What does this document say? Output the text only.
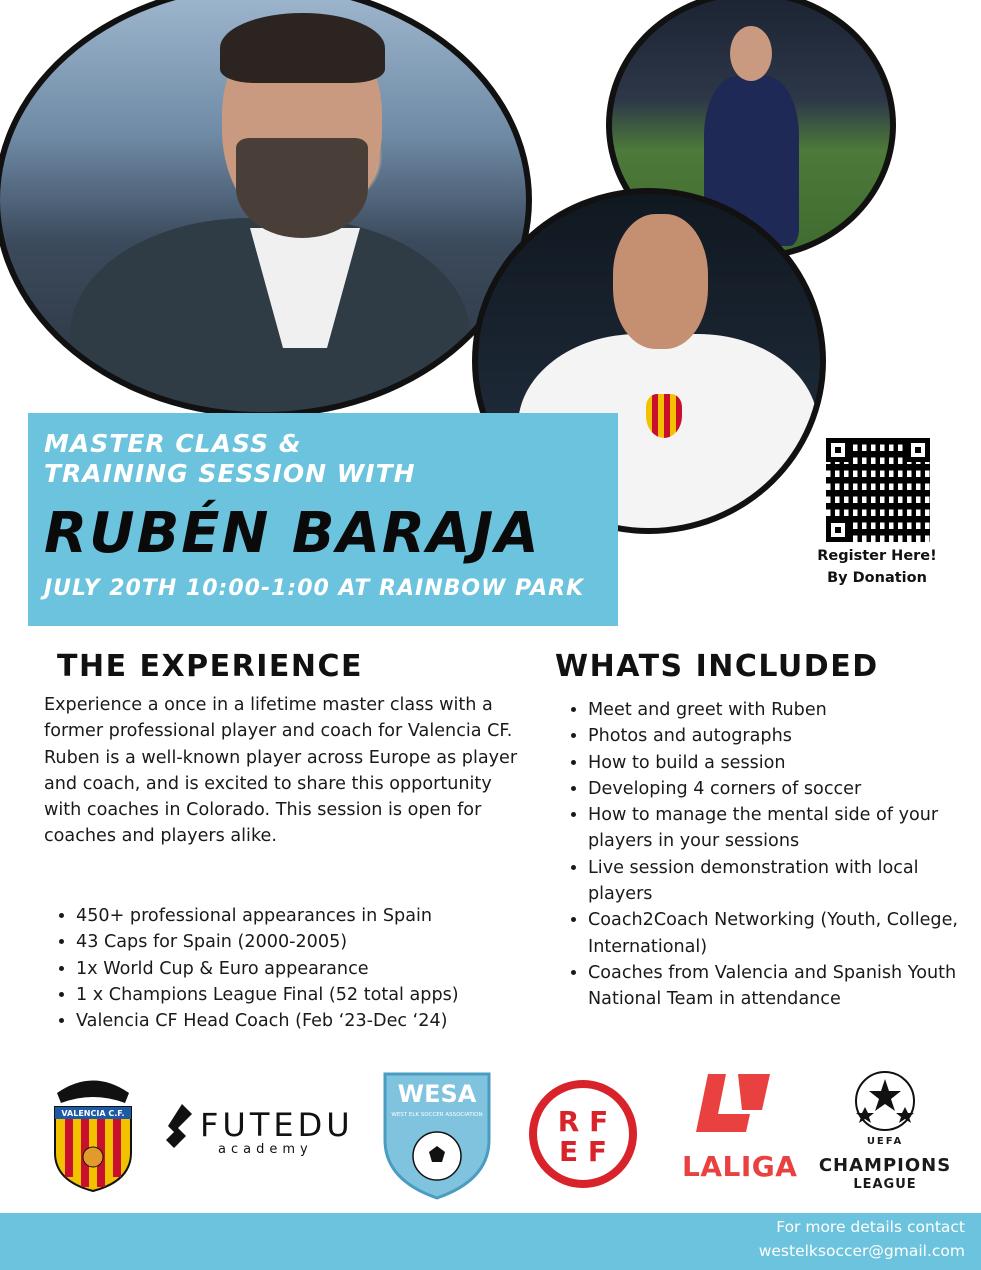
MASTER CLASS &
TRAINING SESSION WITH
RUBÉN BARAJA
JULY 20TH 10:00-1:00 AT RAINBOW PARK
Register Here!
By Donation
THE EXPERIENCE
Experience a once in a lifetime master class with a former professional player and coach for Valencia CF. Ruben is a well-known player across Europe as player and coach, and is excited to share this opportunity with coaches in Colorado. This session is open for coaches and players alike.
• 450+ professional appearances in Spain
• 43 Caps for Spain (2000-2005)
• 1x World Cup & Euro appearance
• 1 x Champions League Final (52 total apps)
• Valencia CF Head Coach (Feb ‘23-Dec ‘24)
WHATS INCLUDED
• Meet and greet with Ruben
• Photos and autographs
• How to build a session
• Developing 4 corners of soccer
• How to manage the mental side of your players in your sessions
• Live session demonstration with local players
• Coach2Coach Networking (Youth, College, International)
• Coaches from Valencia and Spanish Youth National Team in attendance
VALENCIA C.F. FUTEDU
academy
WESA
WEST ELK SOCCER ASSOCIATION	R F
E F	LALIGA
UEFA
CHAMPIONS
LEAGUE
For more details contact
westelksoccer@gmail.com
